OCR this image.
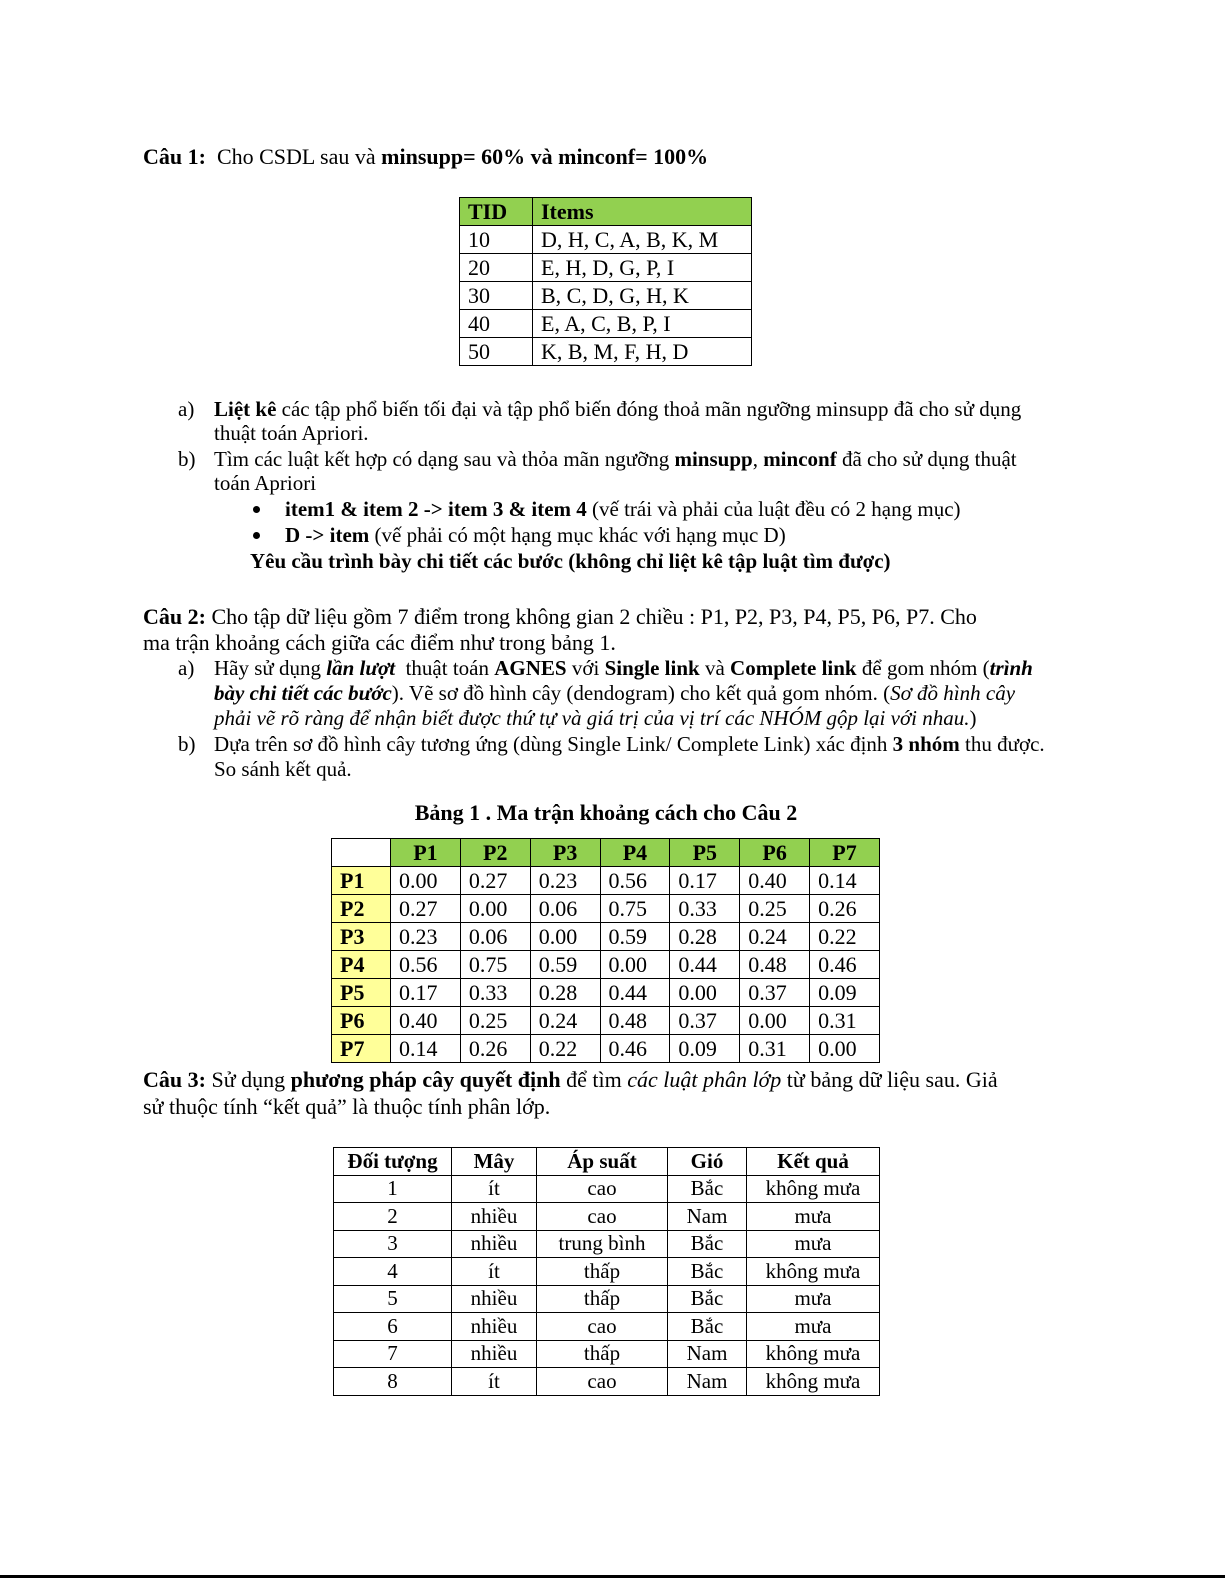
Câu 1: Cho CSDL sau và minsupp= 60% và minconf= 100%
TID	Items
10	D, H, C, A, B, K, M
20	E, H, D, G, P, I
30	B, C, D, G, H, K
40	E, A, C, B, P, I
50	K, B, M, F, H, D
a) Liệt kê các tập phổ biến tối đại và tập phổ biến đóng thoả mãn ngưỡng minsupp đã cho sử dụng
thuật toán Apriori.
b) Tìm các luật kết hợp có dạng sau và thỏa mãn ngưỡng minsupp, minconf đã cho sử dụng thuật
toán Apriori
item1 & item 2 -> item 3 & item 4 (vế trái và phải của luật đều có 2 hạng mục)
D -> item (vế phải có một hạng mục khác với hạng mục D)
Yêu cầu trình bày chi tiết các bước (không chỉ liệt kê tập luật tìm được)
Câu 2: Cho tập dữ liệu gồm 7 điểm trong không gian 2 chiều : P1, P2, P3, P4, P5, P6, P7. Cho
ma trận khoảng cách giữa các điểm như trong bảng 1.
a) Hãy sử dụng lần lượt thuật toán AGNES với Single link và Complete link để gom nhóm (trình
bày chi tiết các bước). Vẽ sơ đồ hình cây (dendogram) cho kết quả gom nhóm. (Sơ đồ hình cây
phải vẽ rõ ràng để nhận biết được thứ tự và giá trị của vị trí các NHÓM gộp lại với nhau.)
b) Dựa trên sơ đồ hình cây tương ứng (dùng Single Link/ Complete Link) xác định 3 nhóm thu được.
So sánh kết quả.
Bảng 1 . Ma trận khoảng cách cho Câu 2
	P1	P2	P3	P4	P5	P6	P7
P1	0.00	0.27	0.23	0.56	0.17	0.40	0.14
P2	0.27	0.00	0.06	0.75	0.33	0.25	0.26
P3	0.23	0.06	0.00	0.59	0.28	0.24	0.22
P4	0.56	0.75	0.59	0.00	0.44	0.48	0.46
P5	0.17	0.33	0.28	0.44	0.00	0.37	0.09
P6	0.40	0.25	0.24	0.48	0.37	0.00	0.31
P7	0.14	0.26	0.22	0.46	0.09	0.31	0.00
Câu 3: Sử dụng phương pháp cây quyết định để tìm các luật phân lớp từ bảng dữ liệu sau. Giả
sử thuộc tính “kết quả” là thuộc tính phân lớp.
Đối tượng	Mây	Áp suất	Gió	Kết quả
1	ít	cao	Bắc	không mưa
2	nhiều	cao	Nam	mưa
3	nhiều	trung bình	Bắc	mưa
4	ít	thấp	Bắc	không mưa
5	nhiều	thấp	Bắc	mưa
6	nhiều	cao	Bắc	mưa
7	nhiều	thấp	Nam	không mưa
8	ít	cao	Nam	không mưa
